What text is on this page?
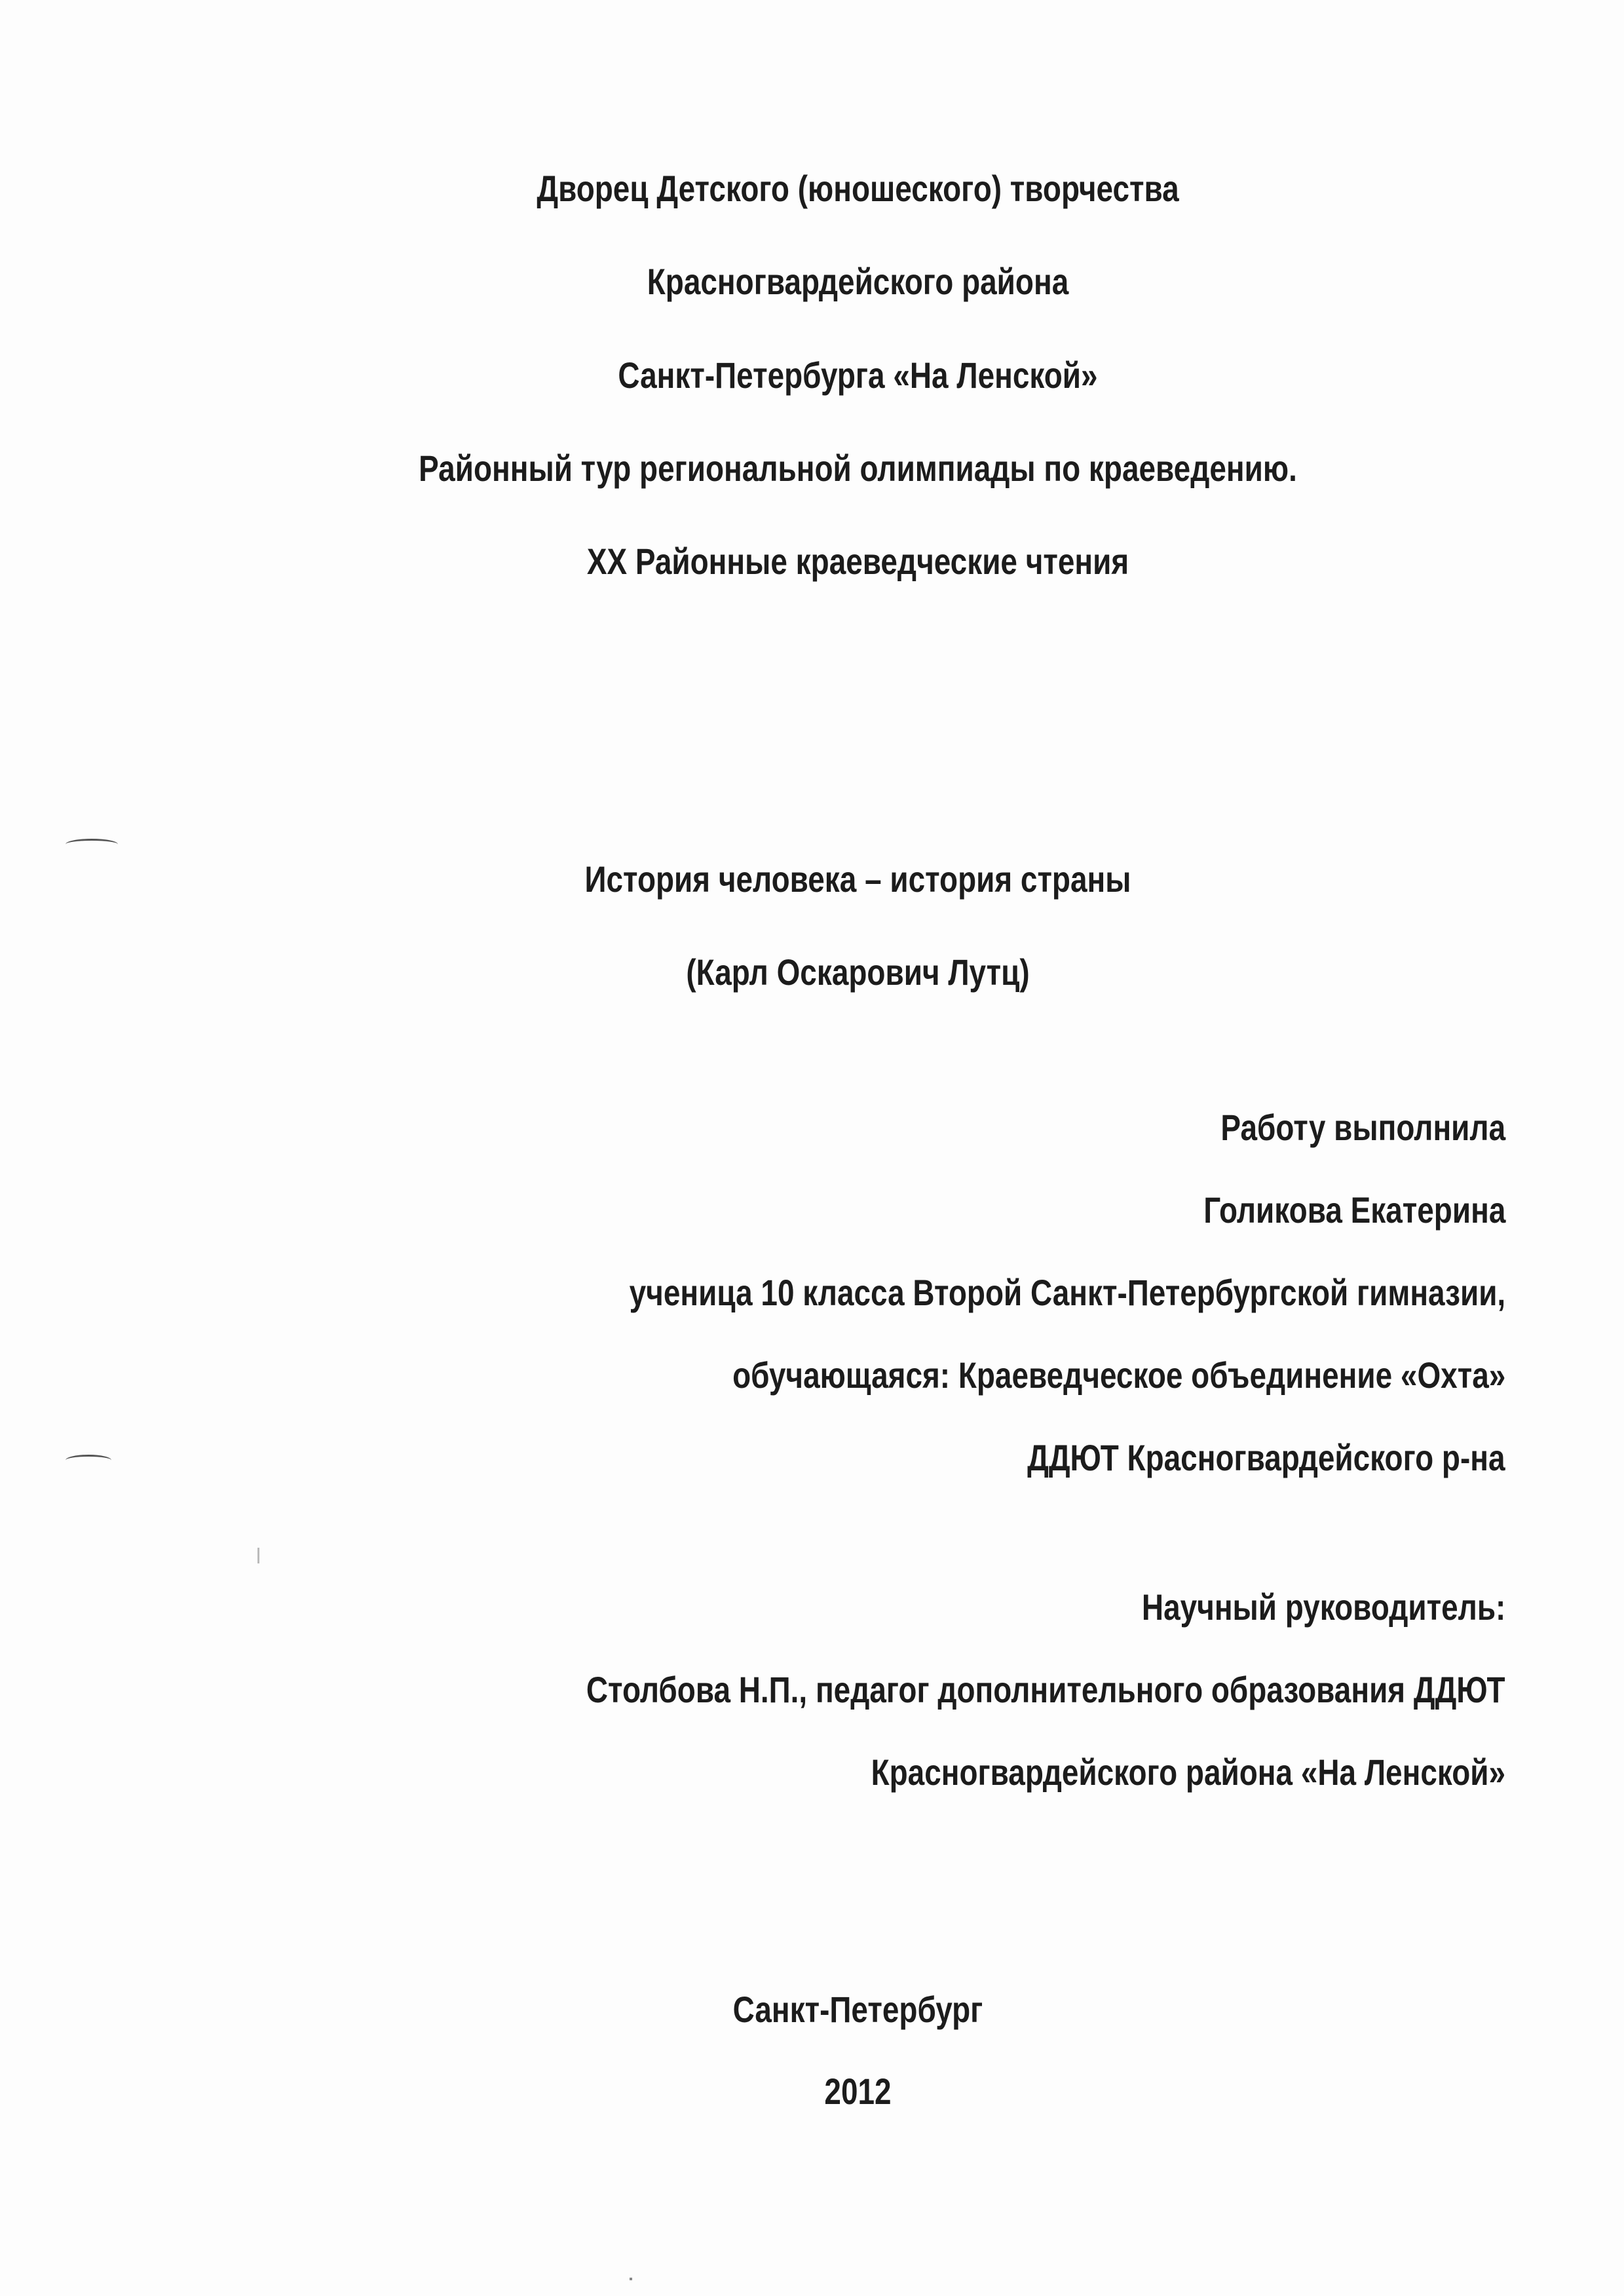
Дворец Детского (юношеского) творчества
Красногвардейского района
Санкт-Петербурга «На Ленской»
Районный тур региональной олимпиады по краеведению.
XX Районные краеведческие чтения
История человека – история страны
(Карл Оскарович Лутц)
Работу выполнила
Голикова Екатерина
ученица 10 класса Второй Санкт-Петербургской гимназии,
обучающаяся: Краеведческое объединение «Охта»
ДДЮТ Красногвардейского р-на
Научный руководитель:
Столбова Н.П., педагог дополнительного образования ДДЮТ
Красногвардейского района «На Ленской»
Санкт-Петербург
2012
